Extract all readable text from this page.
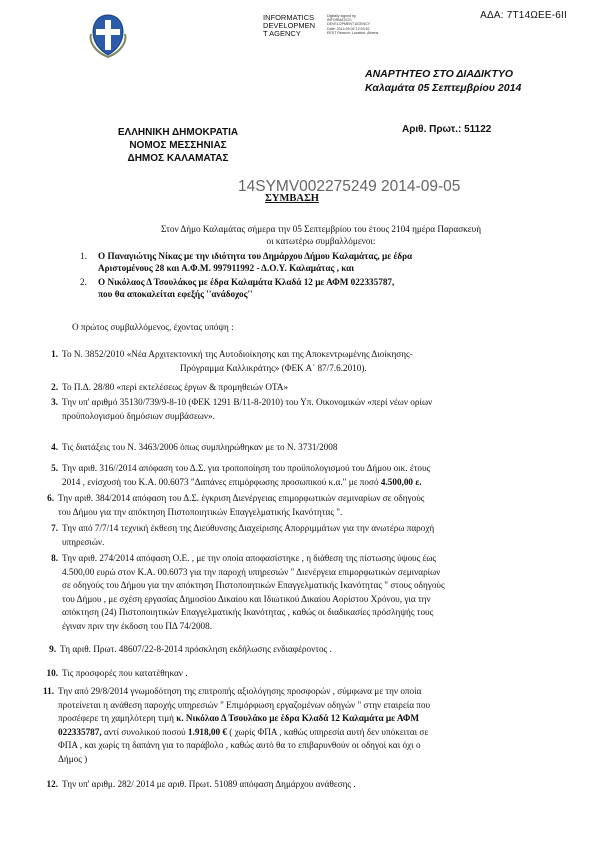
ΑΔΑ: 7Τ14ΩΕΕ-6ΙΙ
INFORMATICS
DEVELOPMEN
T AGENCY
Digitally signed by INFORMATICS DEVELOPMENT AGENCY Date: 2014.09.05 12:03:52 EEST Reason: Location: Athens
ΑΝΑΡΤΗΤΕΟ ΣΤΟ ΔΙΑΔΙΚΤΥΟ
Καλαμάτα 05 Σεπτεμβρίου 2014
ΕΛΛΗΝΙΚΗ ΔΗΜΟΚΡΑΤΙΑ
ΝΟΜΟΣ ΜΕΣΣΗΝΙΑΣ
ΔΗΜΟΣ ΚΑΛΑΜΑΤΑΣ
Αριθ. Πρωτ.: 51122
14SYMV002275249 2014-09-05
ΣΥΜΒΑΣΗ
Στον Δήμο Καλαμάτας σήμερα την 05 Σεπτεμβρίου του έτους 2104 ημέρα Παρασκευή
οι κατωτέρω συμβαλλόμενοι:
1. Ο Παναγιώτης Νίκας με την ιδιότητα του Δημάρχου Δήμου Καλαμάτας, με έδρα
Αριστομένους 28 και Α.Φ.Μ. 997911992 - Δ.Ο.Υ. Καλαμάτας , και
2. Ο Νικόλαος Δ Τσουλάκος με έδρα Καλαμάτα Κλαδά 12 με ΑΦΜ 022335787,
που θα αποκαλείται εφεξής ''ανάδοχος''
Ο πρώτος συμβαλλόμενος, έχοντας υπόψη :
1. Το Ν. 3852/2010 «Νέα Αρχιτεκτονική της Αυτοδιοίκησης και της Αποκεντρωμένης Διοίκησης-
Πρόγραμμα Καλλικράτης» (ΦΕΚ Α΄ 87/7.6.2010).
2. Το Π.Δ. 28/80 «περί εκτελέσεως έργων & προμηθειών ΟΤΑ»
3. Την υπ' αριθμό 35130/739/9-8-10 (ΦΕΚ 1291 Β/11-8-2010) του Υπ. Οικονομικών «περί νέων ορίων
προϋπολογισμού δημόσιων συμβάσεων».
4. Τις διατάξεις του Ν. 3463/2006 όπως συμπληρώθηκαν με το Ν. 3731/2008
5. Την αριθ. 316//2014 απόφαση του Δ.Σ. για τροποποίηση του προϋπολογισμού του Δήμου οικ. έτους
2014 , ενίσχυσή του Κ.Α. 00.6073 "Δαπάνες επιμόρφωσης προσωπικού κ.α." με ποσό 4.500,00 ε.
6. Την αριθ. 384/2014 απόφαση του Δ.Σ. έγκριση Διενέργειας επιμορφωτικών σεμιναρίων σε οδηγούς
του Δήμου για την απόκτηση Πιστοποιητικών Επαγγελματικής Ικανότητας ".
7. Την από 7/7/14 τεχνική έκθεση της Διεύθυνσης Διαχείρισης Απορριμμάτων για την ανωτέρω παροχή
υπηρεσιών.
8. Την αριθ. 274/2014 απόφαση Ο.Ε. , με την οποία αποφασίστηκε , η διάθεση της πίστωσης ύψους έως
4.500,00 ευρώ στον Κ.Α. 00.6073 για την παροχή υπηρεσιών " Διενέργεια επιμορφωτικών σεμιναρίων
σε οδηγούς του Δήμου για την απόκτηση Πιστοποιητικών Επαγγελματικής Ικανότητας " στους οδηγούς
του Δήμου , με σχέση εργασίας Δημοσίου Δικαίου και Ιδιωτικού Δικαίου Αορίστου Χρόνου, για την
απόκτηση (24) Πιστοποιητικών Επαγγελματικής Ικανότητας , καθώς οι διαδικασίες πρόσληψής τους
έγιναν πριν την έκδοση του ΠΔ 74/2008.
9. Τη αριθ. Πρωτ. 48607/22-8-2014 πρόσκληση εκδήλωσης ενδιαφέροντος .
10. Τις προσφορές που κατατέθηκαν .
11. Την από 29/8/2014 γνωμοδότηση της επιτροπής αξιολόγησης προσφορών , σύμφωνα με την οποία
προτείνεται η ανάθεση παροχής υπηρεσιών " Επιμόρφωση εργαζομένων οδηγών " στην εταιρεία που
προσέφερε τη χαμηλότερη τιμή κ. Νικόλαο Δ Τσουλάκο με έδρα Κλαδά 12 Καλαμάτα με ΑΦΜ
022335787, αντί συνολικού ποσού 1.918,00 € ( χωρίς ΦΠΑ , καθώς υπηρεσία αυτή δεν υπόκειται σε
ΦΠΑ , και χωρίς τη δαπάνη για το παράβολο , καθώς αυτό θα το επιβαρυνθούν οι οδηγοί και όχι ο
Δήμος )
12. Την υπ' αριθμ. 282/ 2014 με αριθ. Πρωτ. 51089 απόφαση Δημάρχου ανάθεσης .
